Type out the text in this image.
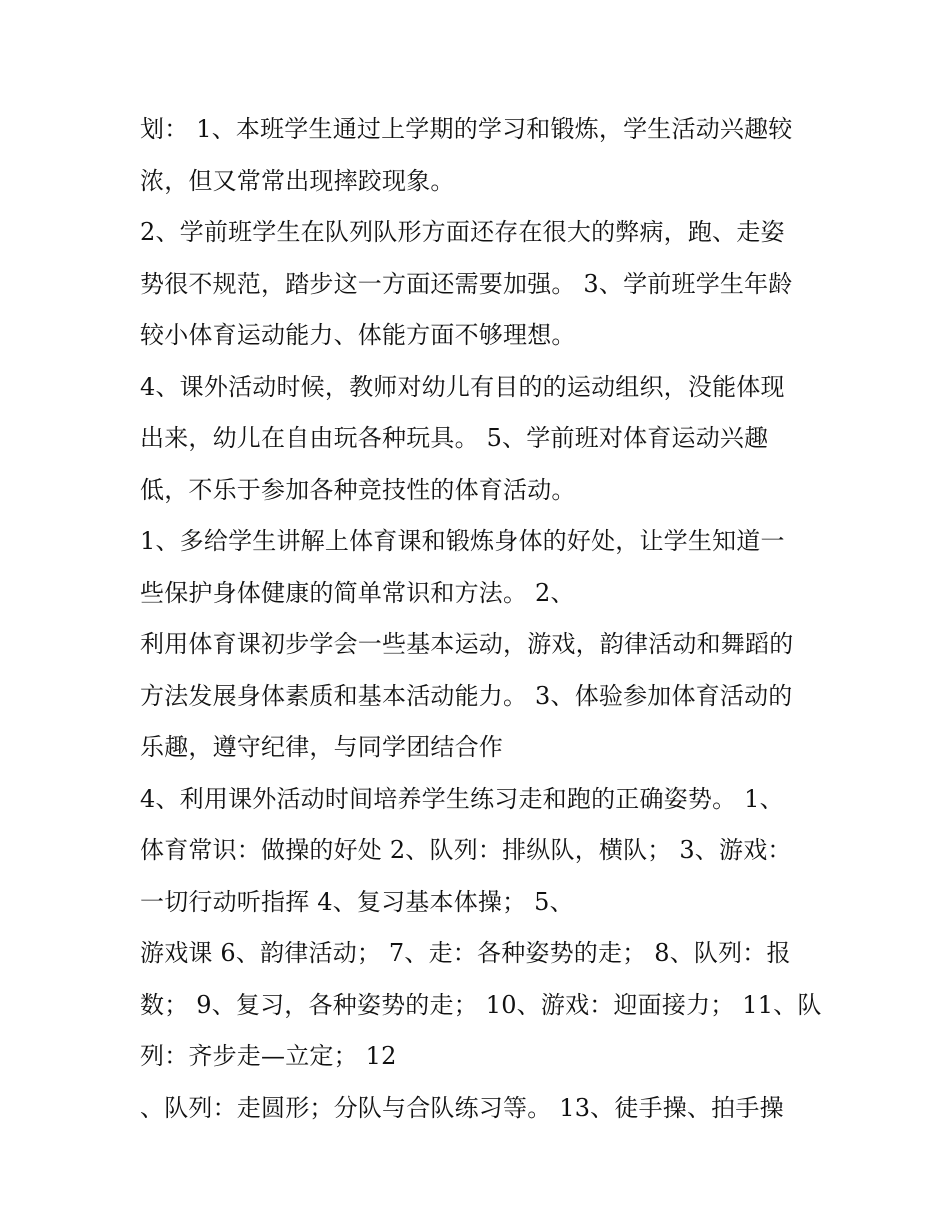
划： 1、本班学生通过上学期的学习和锻炼，学生活动兴趣较
浓，但又常常出现摔跤现象。
2、学前班学生在队列队形方面还存在很大的弊病，跑、走姿
势很不规范，踏步这一方面还需要加强。 3、学前班学生年龄
较小体育运动能力、体能方面不够理想。
4、课外活动时候，教师对幼儿有目的的运动组织，没能体现
出来，幼儿在自由玩各种玩具。 5、学前班对体育运动兴趣
低，不乐于参加各种竞技性的体育活动。
1、多给学生讲解上体育课和锻炼身体的好处，让学生知道一
些保护身体健康的简单常识和方法。 2、
利用体育课初步学会一些基本运动，游戏，韵律活动和舞蹈的
方法发展身体素质和基本活动能力。 3、体验参加体育活动的
乐趣，遵守纪律，与同学团结合作
4、利用课外活动时间培养学生练习走和跑的正确姿势。 1、
体育常识：做操的好处 2、队列：排纵队，横队； 3、游戏：
一切行动听指挥 4、复习基本体操； 5、
游戏课 6、韵律活动； 7、走：各种姿势的走； 8、队列：报
数； 9、复习，各种姿势的走； 10、游戏：迎面接力； 11、队
列：齐步走—立定； 12
、队列：走圆形；分队与合队练习等。 13、徒手操、拍手操
